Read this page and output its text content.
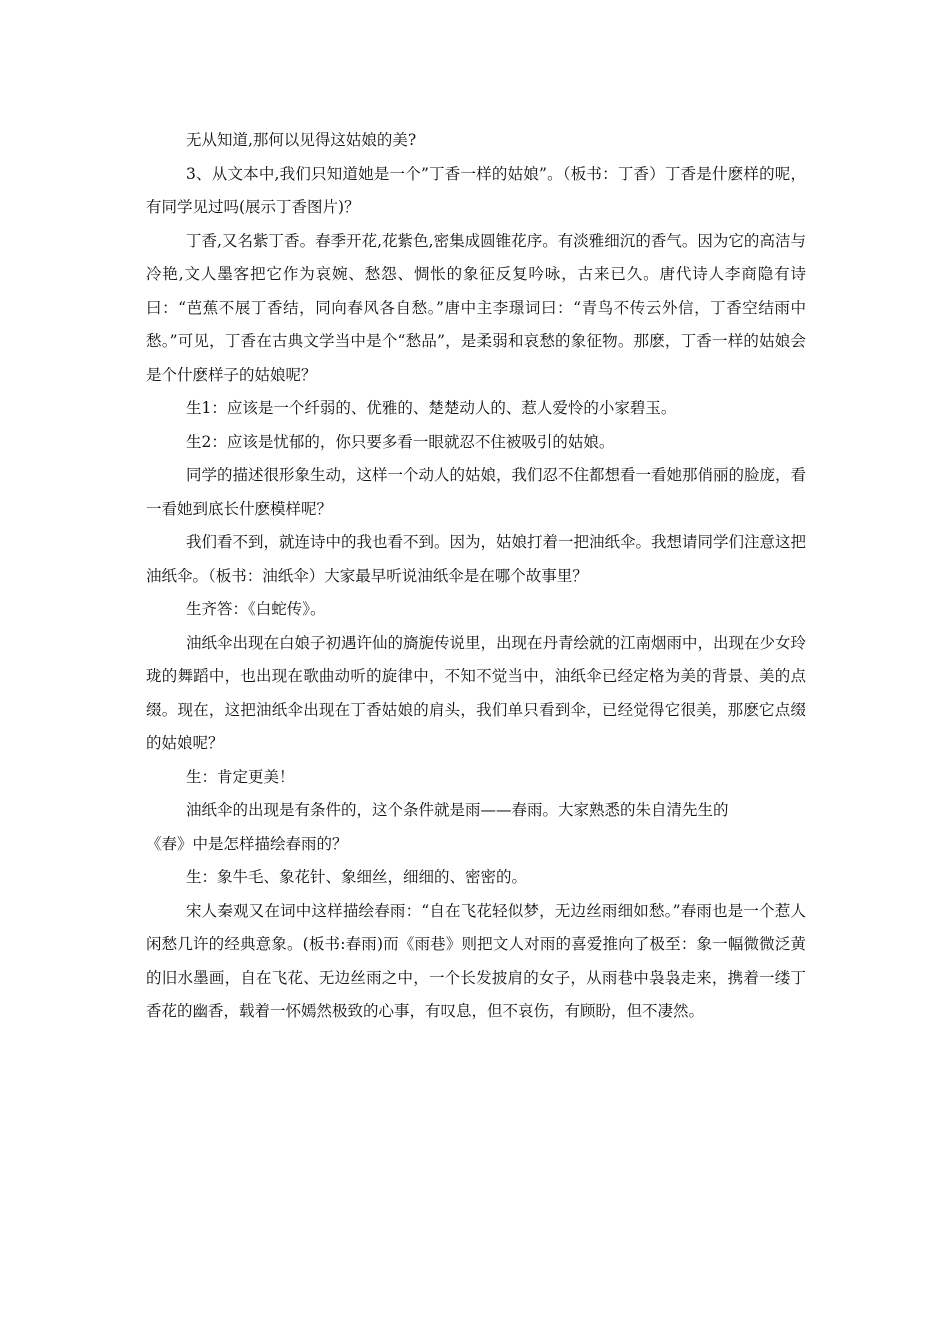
无从知道,那何以见得这姑娘的美?

3、从文本中,我们只知道她是一个”丁香一样的姑娘”。（板书：丁香）丁香是什麽样的呢，有同学见过吗(展示丁香图片)？

丁香,又名紫丁香。春季开花,花紫色,密集成圆锥花序。有淡雅细沉的香气。因为它的高洁与冷艳,文人墨客把它作为哀婉、愁怨、惆怅的象征反复吟咏，古来已久。唐代诗人李商隐有诗曰：“芭蕉不展丁香结，同向春风各自愁。”唐中主李璟词曰：“青鸟不传云外信，丁香空结雨中愁。”可见，丁香在古典文学当中是个“愁品”，是柔弱和哀愁的象征物。那麽，丁香一样的姑娘会是个什麽样子的姑娘呢？

生1：应该是一个纤弱的、优雅的、楚楚动人的、惹人爱怜的小家碧玉。

生2：应该是忧郁的，你只要多看一眼就忍不住被吸引的姑娘。

同学的描述很形象生动，这样一个动人的姑娘，我们忍不住都想看一看她那俏丽的脸庞，看一看她到底长什麽模样呢？

我们看不到，就连诗中的我也看不到。因为，姑娘打着一把油纸伞。我想请同学们注意这把油纸伞。（板书：油纸伞）大家最早听说油纸伞是在哪个故事里？

生齐答：《白蛇传》。

油纸伞出现在白娘子初遇许仙的旖旎传说里，出现在丹青绘就的江南烟雨中，出现在少女玲珑的舞蹈中，也出现在歌曲动听的旋律中，不知不觉当中，油纸伞已经定格为美的背景、美的点缀。现在，这把油纸伞出现在丁香姑娘的肩头，我们单只看到伞，已经觉得它很美，那麽它点缀的姑娘呢？

生：肯定更美！

油纸伞的出现是有条件的，这个条件就是雨——春雨。大家熟悉的朱自清先生的

《春》中是怎样描绘春雨的？

生：象牛毛、象花针、象细丝，细细的、密密的。

宋人秦观又在词中这样描绘春雨：“自在飞花轻似梦，无边丝雨细如愁。”春雨也是一个惹人闲愁几许的经典意象。(板书:春雨)而《雨巷》则把文人对雨的喜爱推向了极至：象一幅微微泛黄的旧水墨画，自在飞花、无边丝雨之中，一个长发披肩的女子，从雨巷中袅袅走来，携着一缕丁香花的幽香，载着一怀嫣然极致的心事，有叹息，但不哀伤，有顾盼，但不凄然。
